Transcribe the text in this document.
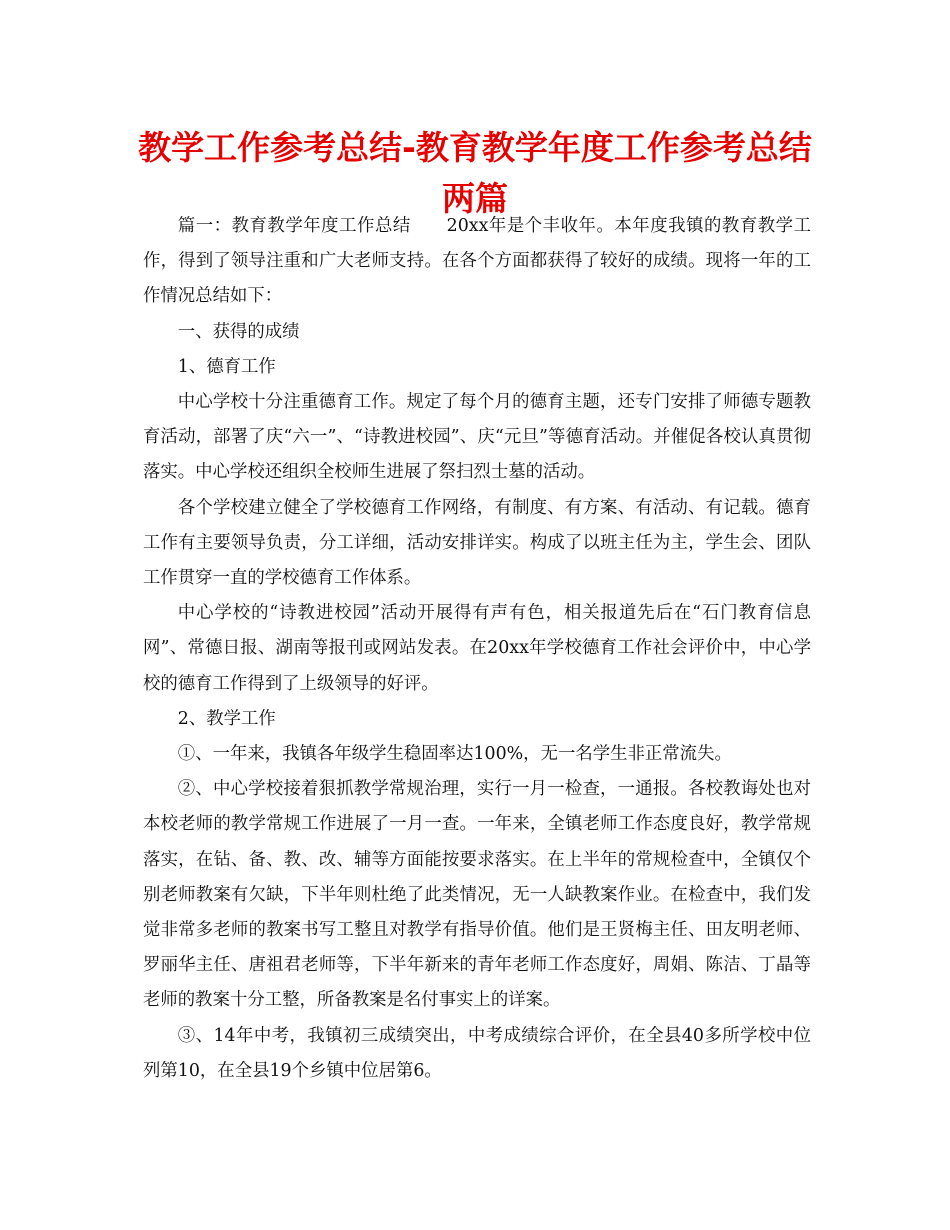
教学工作参考总结-教育教学年度工作参考总结两篇

篇一：教育教学年度工作总结　　20xx年是个丰收年。本年度我镇的教育教学工作，得到了领导注重和广大老师支持。在各个方面都获得了较好的成绩。现将一年的工作情况总结如下：

一、获得的成绩

1、德育工作

中心学校十分注重德育工作。规定了每个月的德育主题，还专门安排了师德专题教育活动，部署了庆“六一”、“诗教进校园”、庆“元旦”等德育活动。并催促各校认真贯彻落实。中心学校还组织全校师生进展了祭扫烈士墓的活动。

各个学校建立健全了学校德育工作网络，有制度、有方案、有活动、有记载。德育工作有主要领导负责，分工详细，活动安排详实。构成了以班主任为主，学生会、团队工作贯穿一直的学校德育工作体系。

中心学校的“诗教进校园”活动开展得有声有色，相关报道先后在“石门教育信息网”、常德日报、湖南等报刊或网站发表。在20xx年学校德育工作社会评价中，中心学校的德育工作得到了上级领导的好评。

2、教学工作

①、一年来，我镇各年级学生稳固率达100%，无一名学生非正常流失。

②、中心学校接着狠抓教学常规治理，实行一月一检查，一通报。各校教诲处也对本校老师的教学常规工作进展了一月一查。一年来，全镇老师工作态度良好，教学常规落实，在钻、备、教、改、辅等方面能按要求落实。在上半年的常规检查中，全镇仅个别老师教案有欠缺，下半年则杜绝了此类情况，无一人缺教案作业。在检查中，我们发觉非常多老师的教案书写工整且对教学有指导价值。他们是王贤梅主任、田友明老师、罗丽华主任、唐祖君老师等，下半年新来的青年老师工作态度好，周娟、陈洁、丁晶等老师的教案十分工整，所备教案是名付事实上的详案。

③、14年中考，我镇初三成绩突出，中考成绩综合评价，在全县40多所学校中位列第10，在全县19个乡镇中位居第6。
